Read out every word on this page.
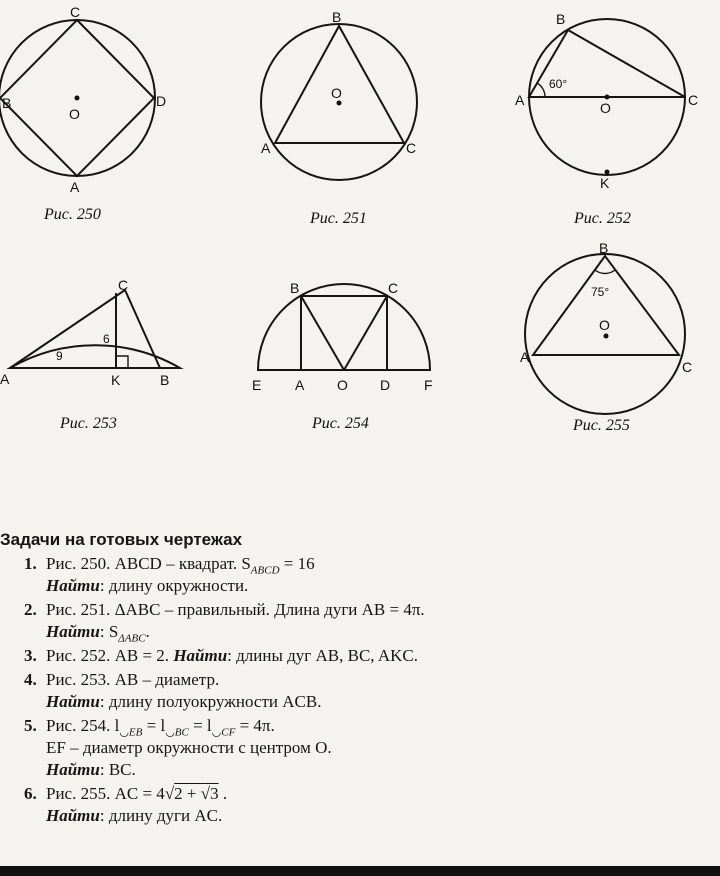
C
B	D
A
O
Рис. 250
B
A	C
O
Рис. 251
B
A	C
O
K
60°
Рис. 252
C
A	K	B
9
6
Рис. 253
B	C
E A O D F
Рис. 254
B
A
C
O
75°
Рис. 255
Задачи на готовых чертежах
1. Рис. 250. ABCD – квадрат. $S_{ABCD} = 16$
Найти: длину окружности.
2. Рис. 251. ΔABC – правильный. Длина дуги AB = 4π.
Найти: $S_{\Delta ABC}$.
3. Рис. 252. AB = 2. Найти: длины дуг AB, BC, AKC.
4. Рис. 253. AB – диаметр.
Найти: длину полуокружности ACB.
5. Рис. 254. $l_{◡EB} = l_{◡BC} = l_{◡CF} = 4\pi$.
EF – диаметр окружности с центром O.
Найти: BC.
6. Рис. 255. AC = 4√2 + √3 .
Найти: длину дуги AC.
